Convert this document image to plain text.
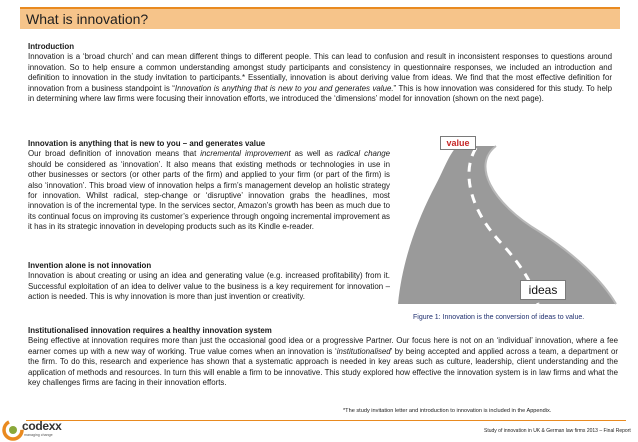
What is innovation?
Introduction
Innovation is a ‘broad church’ and can mean different things to different people. This can lead to confusion and result in inconsistent responses to questions around innovation. So to help ensure a common understanding amongst study participants and consistency in questionnaire responses, we included an introduction and definition to innovation in the study invitation to participants.* Essentially, innovation is about deriving value from ideas. We find that the most effective definition for innovation from a business standpoint is “Innovation is anything that is new to you and generates value.” This is how innovation was considered for this study. To help in determining where law firms were focusing their innovation efforts, we introduced the ‘dimensions’ model for innovation (shown on the next page).
Innovation is anything that is new to you – and generates value
Our broad definition of innovation means that incremental improvement as well as radical change should be considered as ‘innovation’. It also means that existing methods or technologies in use in other businesses or sectors (or other parts of the firm) and applied to your firm (or part of the firm) is also ‘innovation’. This broad view of innovation helps a firm’s management develop an holistic strategy for innovation. Whilst radical, step-change or ‘disruptive’ innovation grabs the headlines, most innovation is of the incremental type. In the services sector, Amazon’s growth has been as much due to its continual focus on improving its customer’s experience through ongoing incremental improvement as it has in its strategic innovation in developing products such as its Kindle e-reader.
Invention alone is not innovation
Innovation is about creating or using an idea and generating value (e.g. increased profitability) from it. Successful exploitation of an idea to deliver value to the business is a key requirement for innovation – action is needed. This is why innovation is more than just invention or creativity.
Institutionalised innovation requires a healthy innovation system
Being effective at innovation requires more than just the occasional good idea or a progressive Partner. Our focus here is not on an ‘individual’ innovation, where a fee earner comes up with a new way of working. True value comes when an innovation is ‘institutionalised’ by being accepted and applied across a team, a department or the firm. To do this, research and experience has shown that a systematic approach is needed in key areas such as culture, leadership, client understanding and the application of methods and resources. In turn this will enable a firm to be innovative. This study explored how effective the innovation system is in law firms and what the key challenges firms are facing in their innovation efforts.
value
ideas
Figure 1: Innovation is the conversion of ideas to value.
*The study invitation letter and introduction to innovation is included in the Appendix.
Study of innovation in UK & German law firms 2013 – Final Report
codexx
managing change
